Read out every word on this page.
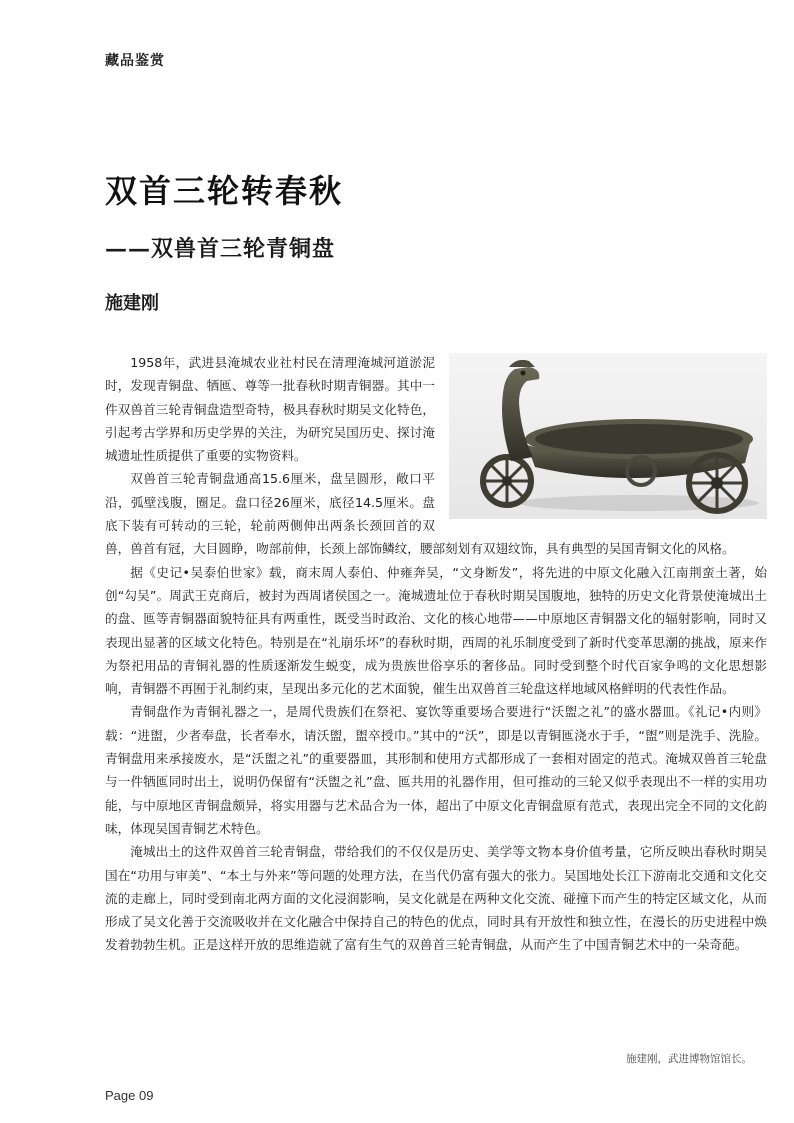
藏品鉴赏
双首三轮转春秋
——双兽首三轮青铜盘
施建刚

1958年，武进县淹城农业社村民在清理淹城河道淤泥时，发现青铜盘、牺匜、尊等一批春秋时期青铜器。其中一件双兽首三轮青铜盘造型奇特，极具春秋时期吴文化特色，引起考古学界和历史学界的关注，为研究吴国历史、探讨淹城遗址性质提供了重要的实物资料。

双兽首三轮青铜盘通高15.6厘米，盘呈圆形，敞口平沿，弧壁浅腹，圈足。盘口径26厘米，底径14.5厘米。盘底下装有可转动的三轮，轮前两侧伸出两条长颈回首的双兽，兽首有冠，大目圆睁，吻部前伸，长颈上部饰鳞纹，腰部刻划有双翅纹饰，具有典型的吴国青铜文化的风格。

据《史记•吴泰伯世家》载，商末周人泰伯、仲雍奔吴，“文身断发”，将先进的中原文化融入江南荆蛮土著，始创“勾吴”。周武王克商后，被封为西周诸侯国之一。淹城遗址位于春秋时期吴国腹地，独特的历史文化背景使淹城出土的盘、匜等青铜器面貌特征具有两重性，既受当时政治、文化的核心地带——中原地区青铜器文化的辐射影响，同时又表现出显著的区域文化特色。特别是在“礼崩乐坏”的春秋时期，西周的礼乐制度受到了新时代变革思潮的挑战，原来作为祭祀用品的青铜礼器的性质逐渐发生蜕变，成为贵族世俗享乐的奢侈品。同时受到整个时代百家争鸣的文化思想影响，青铜器不再囿于礼制约束，呈现出多元化的艺术面貌，催生出双兽首三轮盘这样地域风格鲜明的代表性作品。

青铜盘作为青铜礼器之一，是周代贵族们在祭祀、宴饮等重要场合要进行“沃盥之礼”的盛水器皿。《礼记•内则》载：“进盥，少者奉盘，长者奉水，请沃盥，盥卒授巾。”其中的“沃”，即是以青铜匜浇水于手，“盥”则是洗手、洗脸。青铜盘用来承接废水，是“沃盥之礼”的重要器皿，其形制和使用方式都形成了一套相对固定的范式。淹城双兽首三轮盘与一件牺匜同时出土，说明仍保留有“沃盥之礼”盘、匜共用的礼器作用，但可推动的三轮又似乎表现出不一样的实用功能，与中原地区青铜盘颇异，将实用器与艺术品合为一体，超出了中原文化青铜盘原有范式，表现出完全不同的文化韵味，体现吴国青铜艺术特色。

淹城出土的这件双兽首三轮青铜盘，带给我们的不仅仅是历史、美学等文物本身价值考量，它所反映出春秋时期吴国在“功用与审美”、“本土与外来”等问题的处理方法，在当代仍富有强大的张力。吴国地处长江下游南北交通和文化交流的走廊上，同时受到南北两方面的文化浸润影响，吴文化就是在两种文化交流、碰撞下而产生的特定区域文化，从而形成了吴文化善于交流吸收并在文化融合中保持自己的特色的优点，同时具有开放性和独立性，在漫长的历史进程中焕发着勃勃生机。正是这样开放的思维造就了富有生气的双兽首三轮青铜盘，从而产生了中国青铜艺术中的一朵奇葩。

施建刚，武进博物馆馆长。
Page 09
